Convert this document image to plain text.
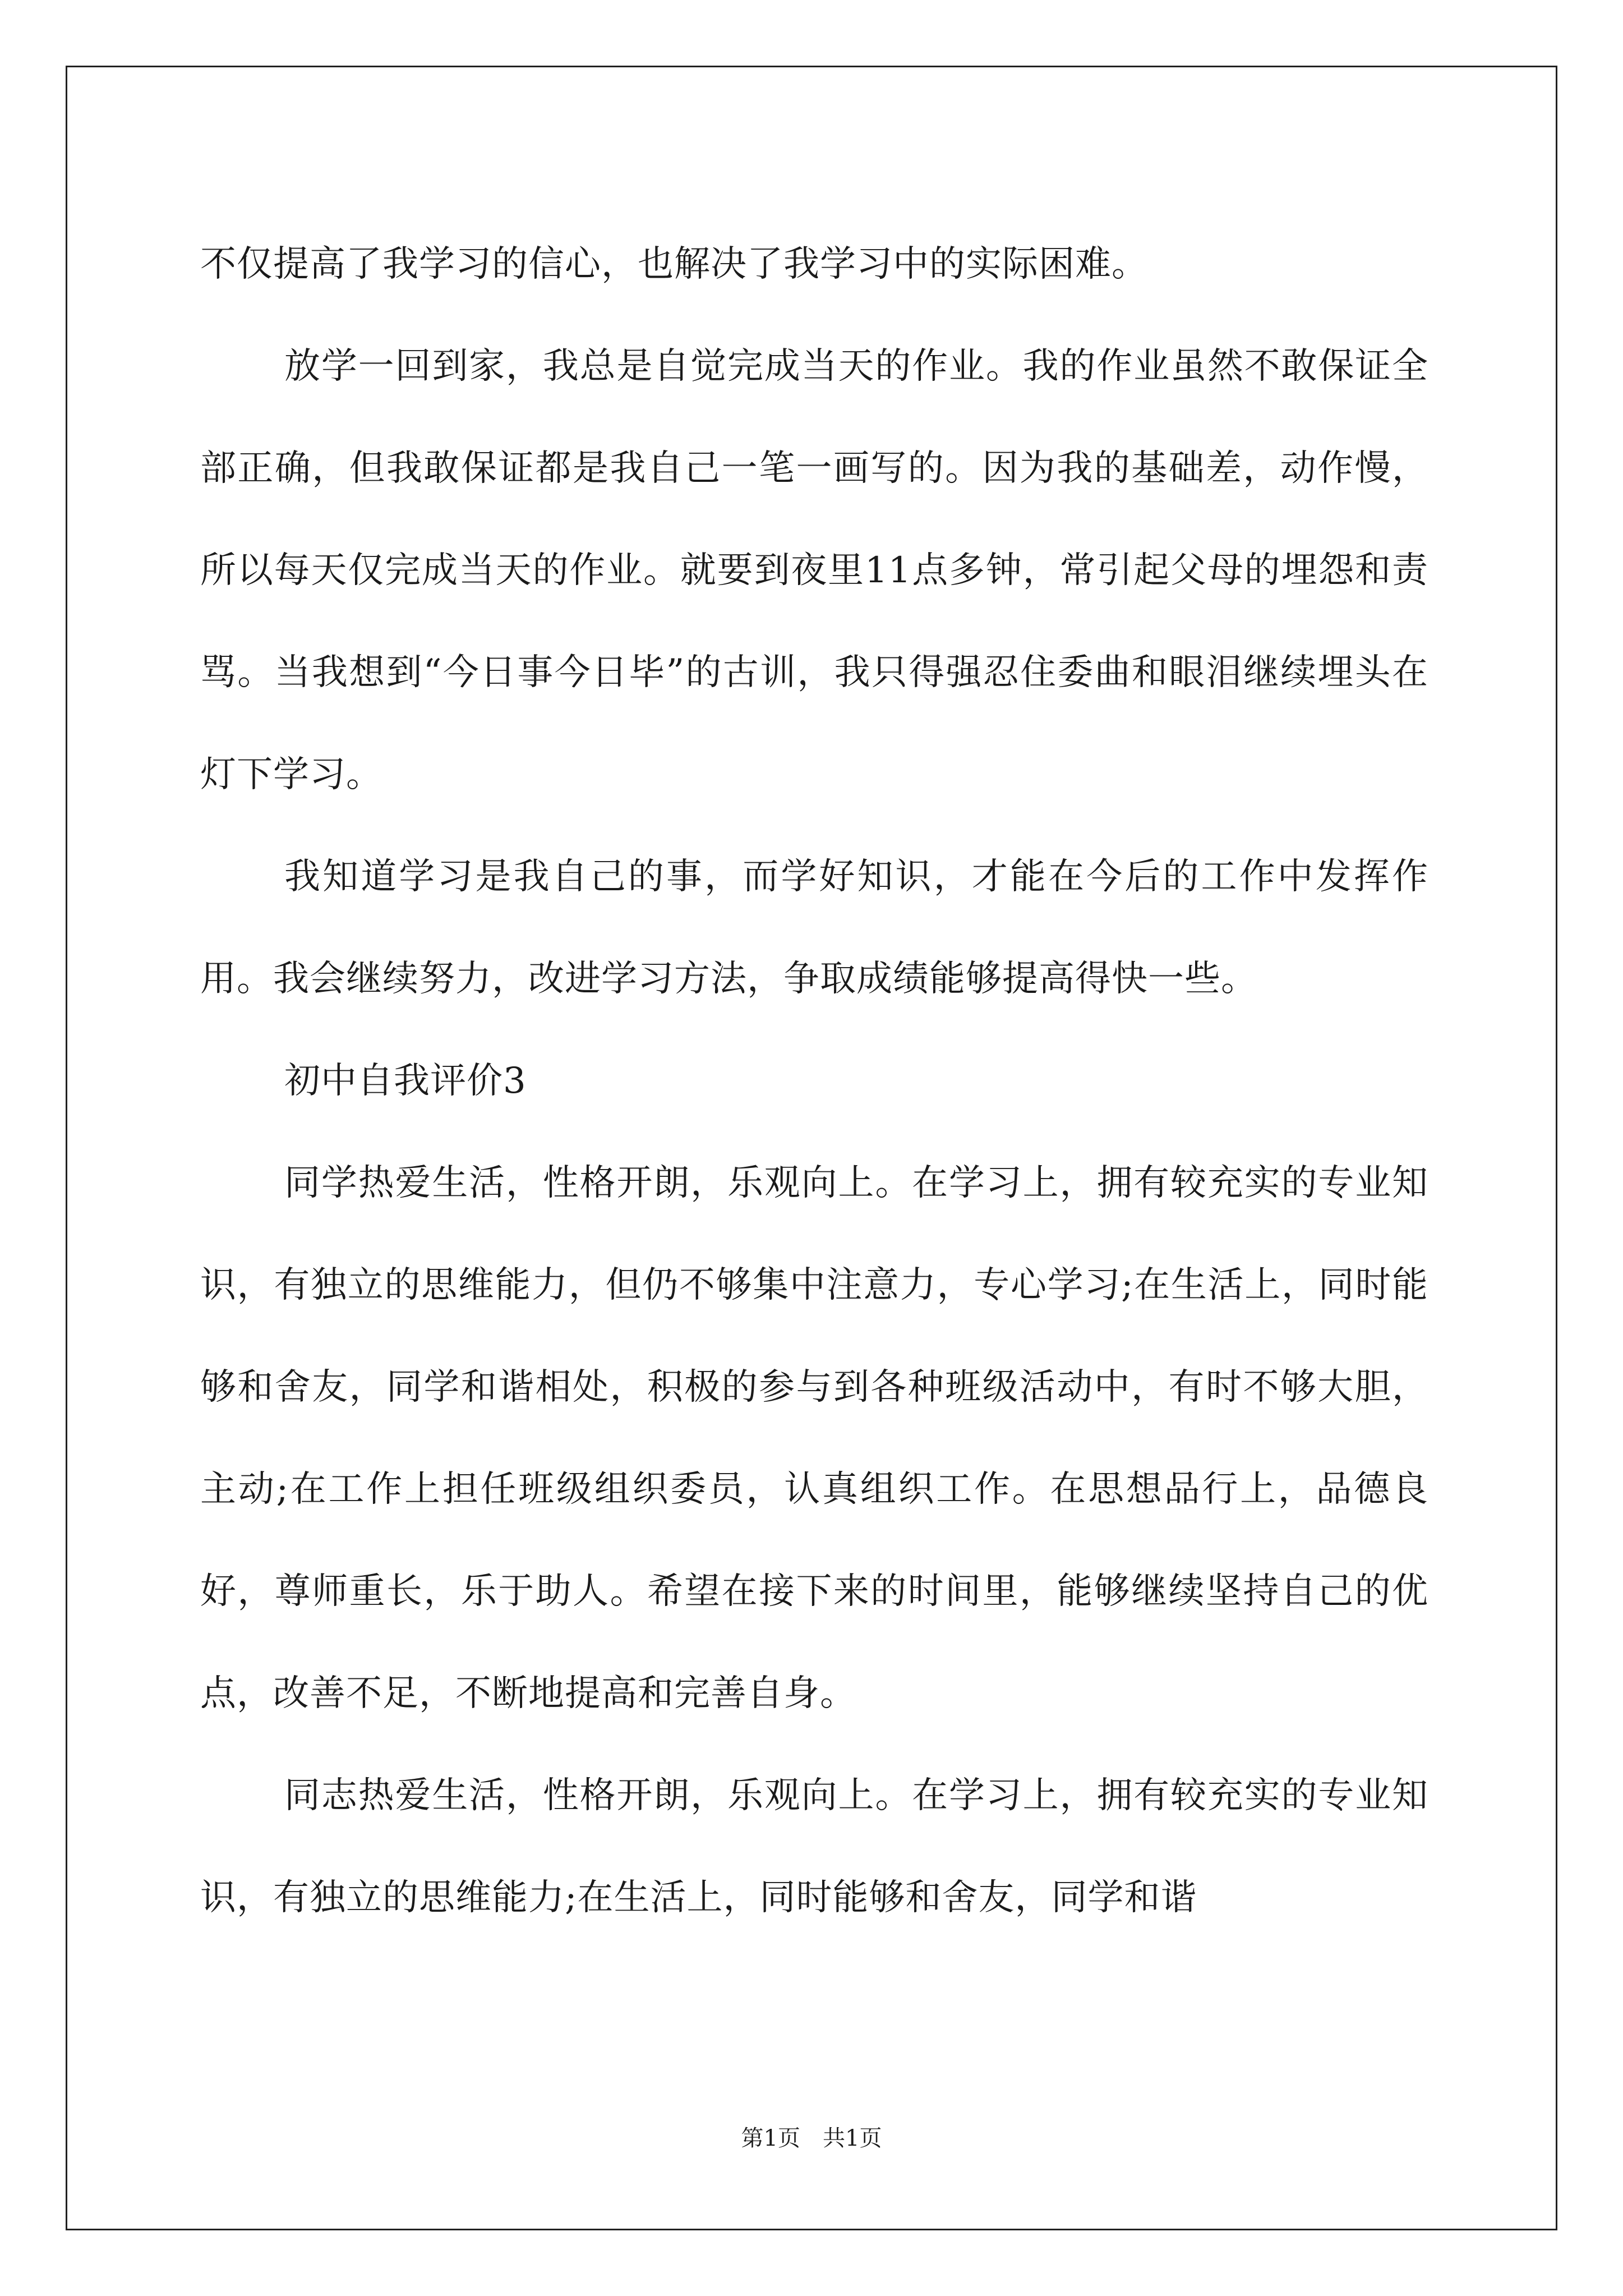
不仅提高了我学习的信心，也解决了我学习中的实际困难。

放学一回到家，我总是自觉完成当天的作业。我的作业虽然不敢保证全部正确，但我敢保证都是我自己一笔一画写的。因为我的基础差，动作慢，所以每天仅完成当天的作业。就要到夜里11点多钟，常引起父母的埋怨和责骂。当我想到“今日事今日毕”的古训，我只得强忍住委曲和眼泪继续埋头在灯下学习。

我知道学习是我自己的事，而学好知识，才能在今后的工作中发挥作用。我会继续努力，改进学习方法，争取成绩能够提高得快一些。

初中自我评价3

同学热爱生活，性格开朗，乐观向上。在学习上，拥有较充实的专业知识，有独立的思维能力，但仍不够集中注意力，专心学习;在生活上，同时能够和舍友，同学和谐相处，积极的参与到各种班级活动中，有时不够大胆，主动;在工作上担任班级组织委员，认真组织工作。在思想品行上，品德良好，尊师重长，乐于助人。希望在接下来的时间里，能够继续坚持自己的优点，改善不足，不断地提高和完善自身。

同志热爱生活，性格开朗，乐观向上。在学习上，拥有较充实的专业知识，有独立的思维能力;在生活上，同时能够和舍友，同学和谐

第1页　共1页
